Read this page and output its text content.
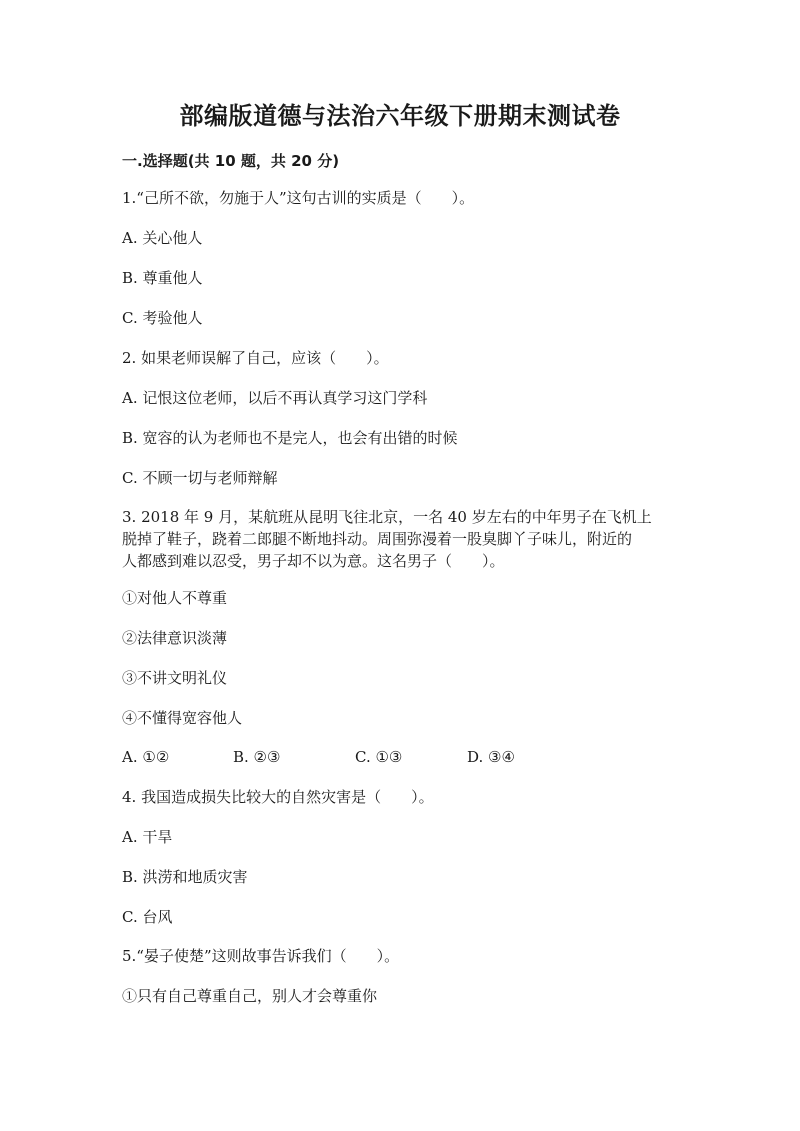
部编版道德与法治六年级下册期末测试卷
一.选择题(共 10 题，共 20 分)
1.“己所不欲，勿施于人”这句古训的实质是（　　）。
A. 关心他人
B. 尊重他人
C. 考验他人
2. 如果老师误解了自己，应该（　　）。
A. 记恨这位老师，以后不再认真学习这门学科
B. 宽容的认为老师也不是完人，也会有出错的时候
C. 不顾一切与老师辩解
3. 2018 年 9 月，某航班从昆明飞往北京，一名 40 岁左右的中年男子在飞机上
脱掉了鞋子，跷着二郎腿不断地抖动。周围弥漫着一股臭脚丫子味儿，附近的
人都感到难以忍受，男子却不以为意。这名男子（　　）。
①对他人不尊重
②法律意识淡薄
③不讲文明礼仪
④不懂得宽容他人
A. ①②	B. ②③	C. ①③	D. ③④
4. 我国造成损失比较大的自然灾害是（　　）。
A. 干旱
B. 洪涝和地质灾害
C. 台风
5.“晏子使楚”这则故事告诉我们（　　）。
①只有自己尊重自己，别人才会尊重你
